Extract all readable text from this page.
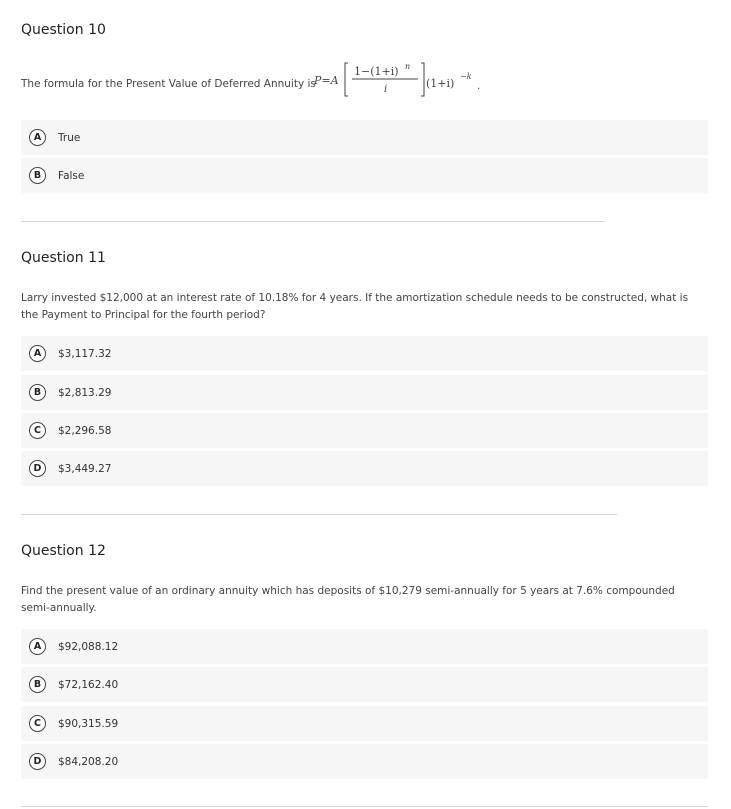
Question 10
The formula for the Present Value of Deferred Annuity is
P=A
1−(1+i) n
i	(1+i)
−k
.
A	True
B	False
Question 11
Larry invested $12,000 at an interest rate of 10.18% for 4 years. If the amortization schedule needs to be constructed, what is the Payment to Principal for the fourth period?
A	$3,117.32
B	$2,813.29
C	$2,296.58
D	$3,449.27
Question 12
Find the present value of an ordinary annuity which has deposits of $10,279 semi-annually for 5 years at 7.6% compounded semi-annually.
A	$92,088.12
B	$72,162.40
C	$90,315.59
D	$84,208.20
